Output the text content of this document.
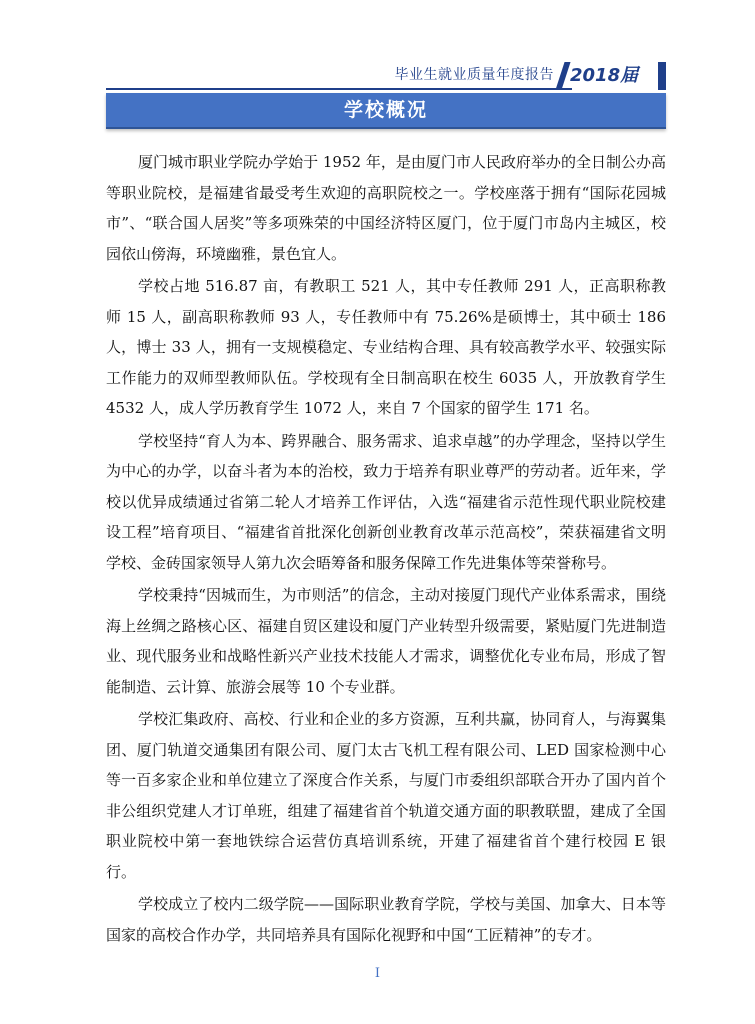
毕业生就业质量年度报告 2018届
学校概况

厦门城市职业学院办学始于 1952 年，是由厦门市人民政府举办的全日制公办高等职业院校，是福建省最受考生欢迎的高职院校之一。学校座落于拥有“国际花园城市”、“联合国人居奖”等多项殊荣的中国经济特区厦门，位于厦门市岛内主城区，校园依山傍海，环境幽雅，景色宜人。

学校占地 516.87 亩，有教职工 521 人，其中专任教师 291 人，正高职称教师 15 人，副高职称教师 93 人，专任教师中有 75.26%是硕博士，其中硕士 186 人，博士 33 人，拥有一支规模稳定、专业结构合理、具有较高教学水平、较强实际工作能力的双师型教师队伍。学校现有全日制高职在校生 6035 人，开放教育学生 4532 人，成人学历教育学生 1072 人，来自 7 个国家的留学生 171 名。

学校坚持“育人为本、跨界融合、服务需求、追求卓越”的办学理念，坚持以学生为中心的办学，以奋斗者为本的治校，致力于培养有职业尊严的劳动者。近年来，学校以优异成绩通过省第二轮人才培养工作评估，入选“福建省示范性现代职业院校建设工程”培育项目、“福建省首批深化创新创业教育改革示范高校”，荣获福建省文明学校、金砖国家领导人第九次会晤筹备和服务保障工作先进集体等荣誉称号。

学校秉持“因城而生，为市则活”的信念，主动对接厦门现代产业体系需求，围绕海上丝绸之路核心区、福建自贸区建设和厦门产业转型升级需要，紧贴厦门先进制造业、现代服务业和战略性新兴产业技术技能人才需求，调整优化专业布局，形成了智能制造、云计算、旅游会展等 10 个专业群。

学校汇集政府、高校、行业和企业的多方资源，互利共赢，协同育人，与海翼集团、厦门轨道交通集团有限公司、厦门太古飞机工程有限公司、LED 国家检测中心等一百多家企业和单位建立了深度合作关系，与厦门市委组织部联合开办了国内首个非公组织党建人才订单班，组建了福建省首个轨道交通方面的职教联盟，建成了全国职业院校中第一套地铁综合运营仿真培训系统，开建了福建省首个建行校园 E 银行。

学校成立了校内二级学院——国际职业教育学院，学校与美国、加拿大、日本等国家的高校合作办学，共同培养具有国际化视野和中国“工匠精神”的专才。

I
